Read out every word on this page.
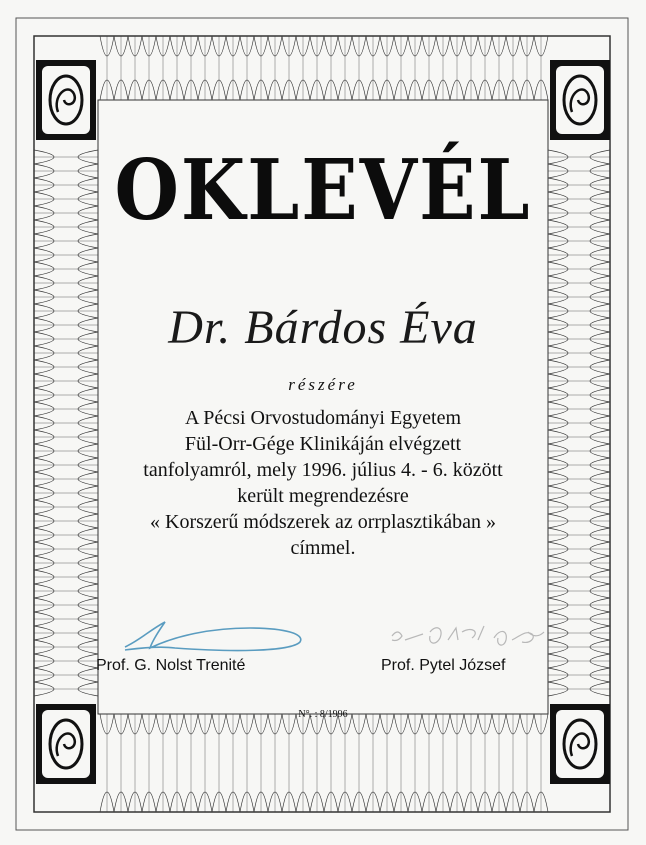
OKLEVÉL
Dr. Bárdos Éva
részére
A Pécsi Orvostudományi Egyetem
Fül-Orr-Gége Klinikáján elvégzett
tanfolyamról, mely 1996. július 4. - 6. között
került megrendezésre
« Korszerű módszerek az orrplasztikában »
címmel.
Prof. G. Nolst Trenité	Prof. Pytel József
N°. : 8/1996
